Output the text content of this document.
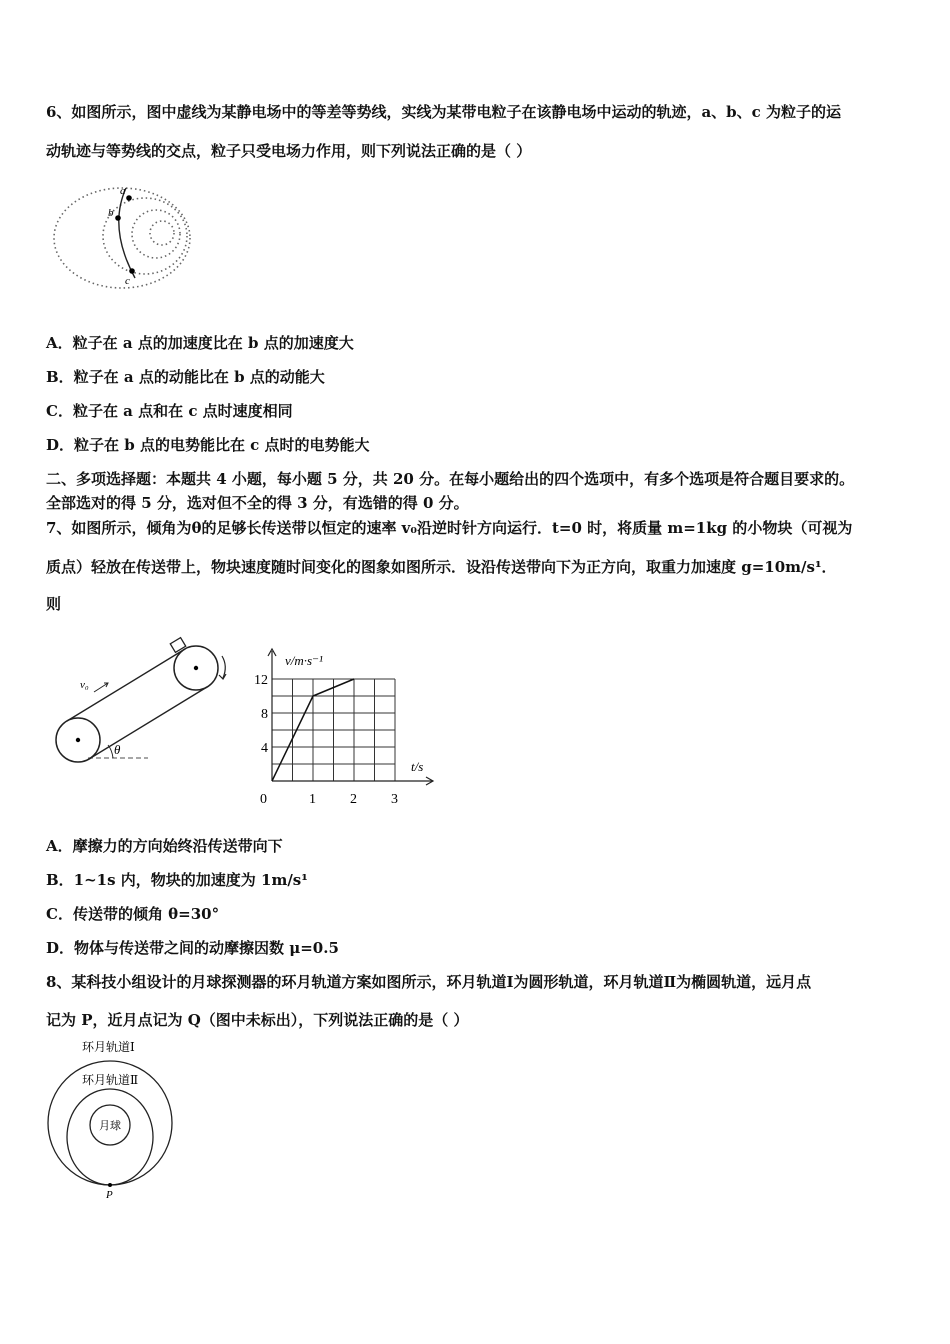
6、如图所示，图中虚线为某静电场中的等差等势线，实线为某带电粒子在该静电场中运动的轨迹，a、b、c 为粒子的运
动轨迹与等势线的交点，粒子只受电场力作用，则下列说法正确的是（ ）
a
b
c
A．粒子在 a 点的加速度比在 b 点的加速度大
B．粒子在 a 点的动能比在 b 点的动能大
C．粒子在 a 点和在 c 点时速度相同
D．粒子在 b 点的电势能比在 c 点时的电势能大
二、多项选择题：本题共 4 小题，每小题 5 分，共 20 分。在每小题给出的四个选项中，有多个选项是符合题目要求的。
全部选对的得 5 分，选对但不全的得 3 分，有选错的得 0 分。
7、如图所示，倾角为θ的足够长传送带以恒定的速率 v₀沿逆时针方向运行．t=0 时，将质量 m=1kg 的小物块（可视为
质点）轻放在传送带上，物块速度随时间变化的图象如图所示．设沿传送带向下为正方向，取重力加速度 g=10m/s¹．
则
v₀
θ
v/m·s⁻¹
t/s
0	1 2 3
4
8
12
A．摩擦力的方向始终沿传送带向下
B．1~1s 内，物块的加速度为 1m/s¹
C．传送带的倾角 θ=30°
D．物体与传送带之间的动摩擦因数 μ=0.5
8、某科技小组设计的月球探测器的环月轨道方案如图所示，环月轨道Ⅰ为圆形轨道，环月轨道Ⅱ为椭圆轨道，远月点
记为 P，近月点记为 Q（图中未标出），下列说法正确的是（ ）
环月轨道Ⅰ
环月轨道Ⅱ
月球
P
